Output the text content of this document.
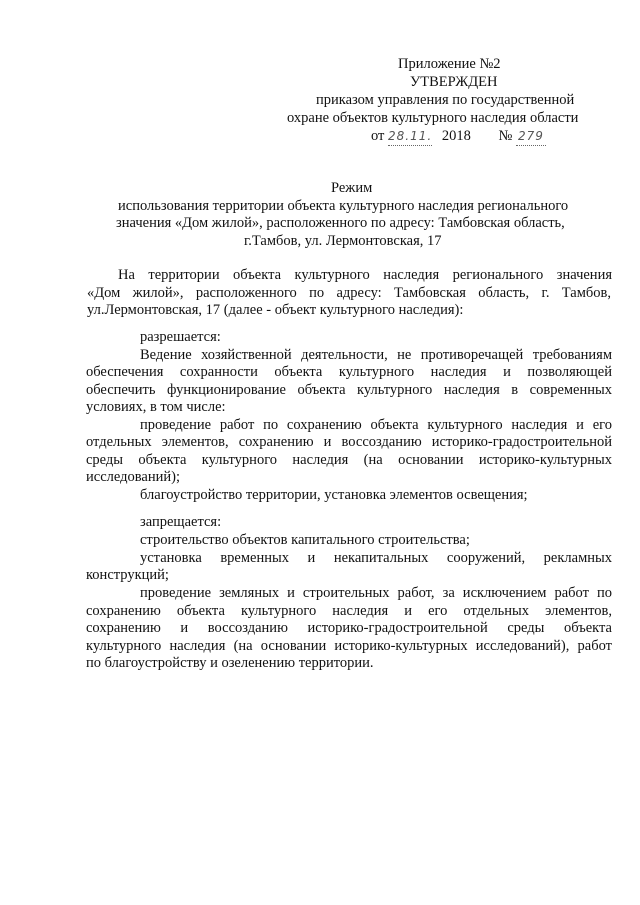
Приложение №2
УТВЕРЖДЕН
приказом управления по государственной
охране объектов культурного наследия области
от 28.11. 2018 № 279
Режим
использования территории объекта культурного наследия регионального
значения «Дом жилой», расположенного по адресу: Тамбовская область,
г.Тамбов, ул. Лермонтовская, 17
На территории объекта культурного наследия регионального значения
«Дом жилой», расположенного по адресу: Тамбовская область, г. Тамбов,
ул.Лермонтовская, 17 (далее - объект культурного наследия):
разрешается:
Ведение хозяйственной деятельности, не противоречащей требованиям
обеспечения сохранности объекта культурного наследия и позволяющей
обеспечить функционирование объекта культурного наследия в современных
условиях, в том числе:
проведение работ по сохранению объекта культурного наследия и его
отдельных элементов, сохранению и воссозданию историко-градостроительной
среды объекта культурного наследия (на основании историко-культурных
исследований);
благоустройство территории, установка элементов освещения;
запрещается:
строительство объектов капитального строительства;
установка временных и некапитальных сооружений, рекламных
конструкций;
проведение земляных и строительных работ, за исключением работ по
сохранению объекта культурного наследия и его отдельных элементов,
сохранению и воссозданию историко-градостроительной среды объекта
культурного наследия (на основании историко-культурных исследований), работ
по благоустройству и озеленению территории.
